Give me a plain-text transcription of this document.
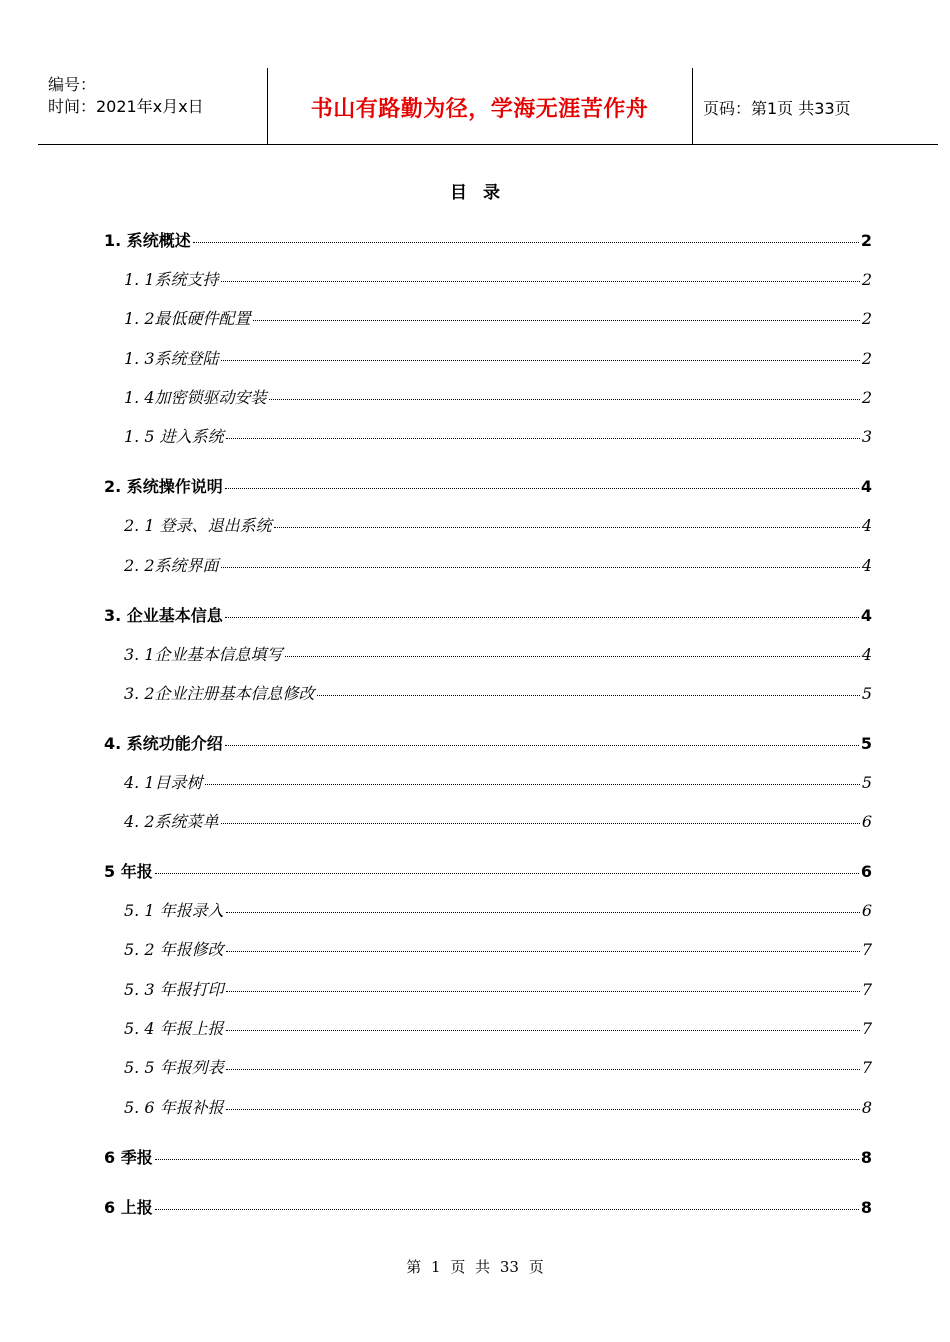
编号：
时间：2021年x月x日	书山有路勤为径，学海无涯苦作舟	页码：第1页 共33页
目 录
1. 系统概述	2
1. 1系统支持	2
1. 2最低硬件配置	2
1. 3系统登陆	2
1. 4加密锁驱动安装	2
1. 5 进入系统	3
2. 系统操作说明	4
2. 1 登录、退出系统	4
2. 2系统界面	4
3. 企业基本信息	4
3. 1企业基本信息填写	4
3. 2企业注册基本信息修改	5
4. 系统功能介绍	5
4. 1目录树	5
4. 2系统菜单	6
5 年报	6
5. 1 年报录入	6
5. 2 年报修改	7
5. 3 年报打印	7
5. 4 年报上报	7
5. 5 年报列表	7
5. 6 年报补报	8
6 季报	8
6 上报	8
第 1 页 共 33 页
